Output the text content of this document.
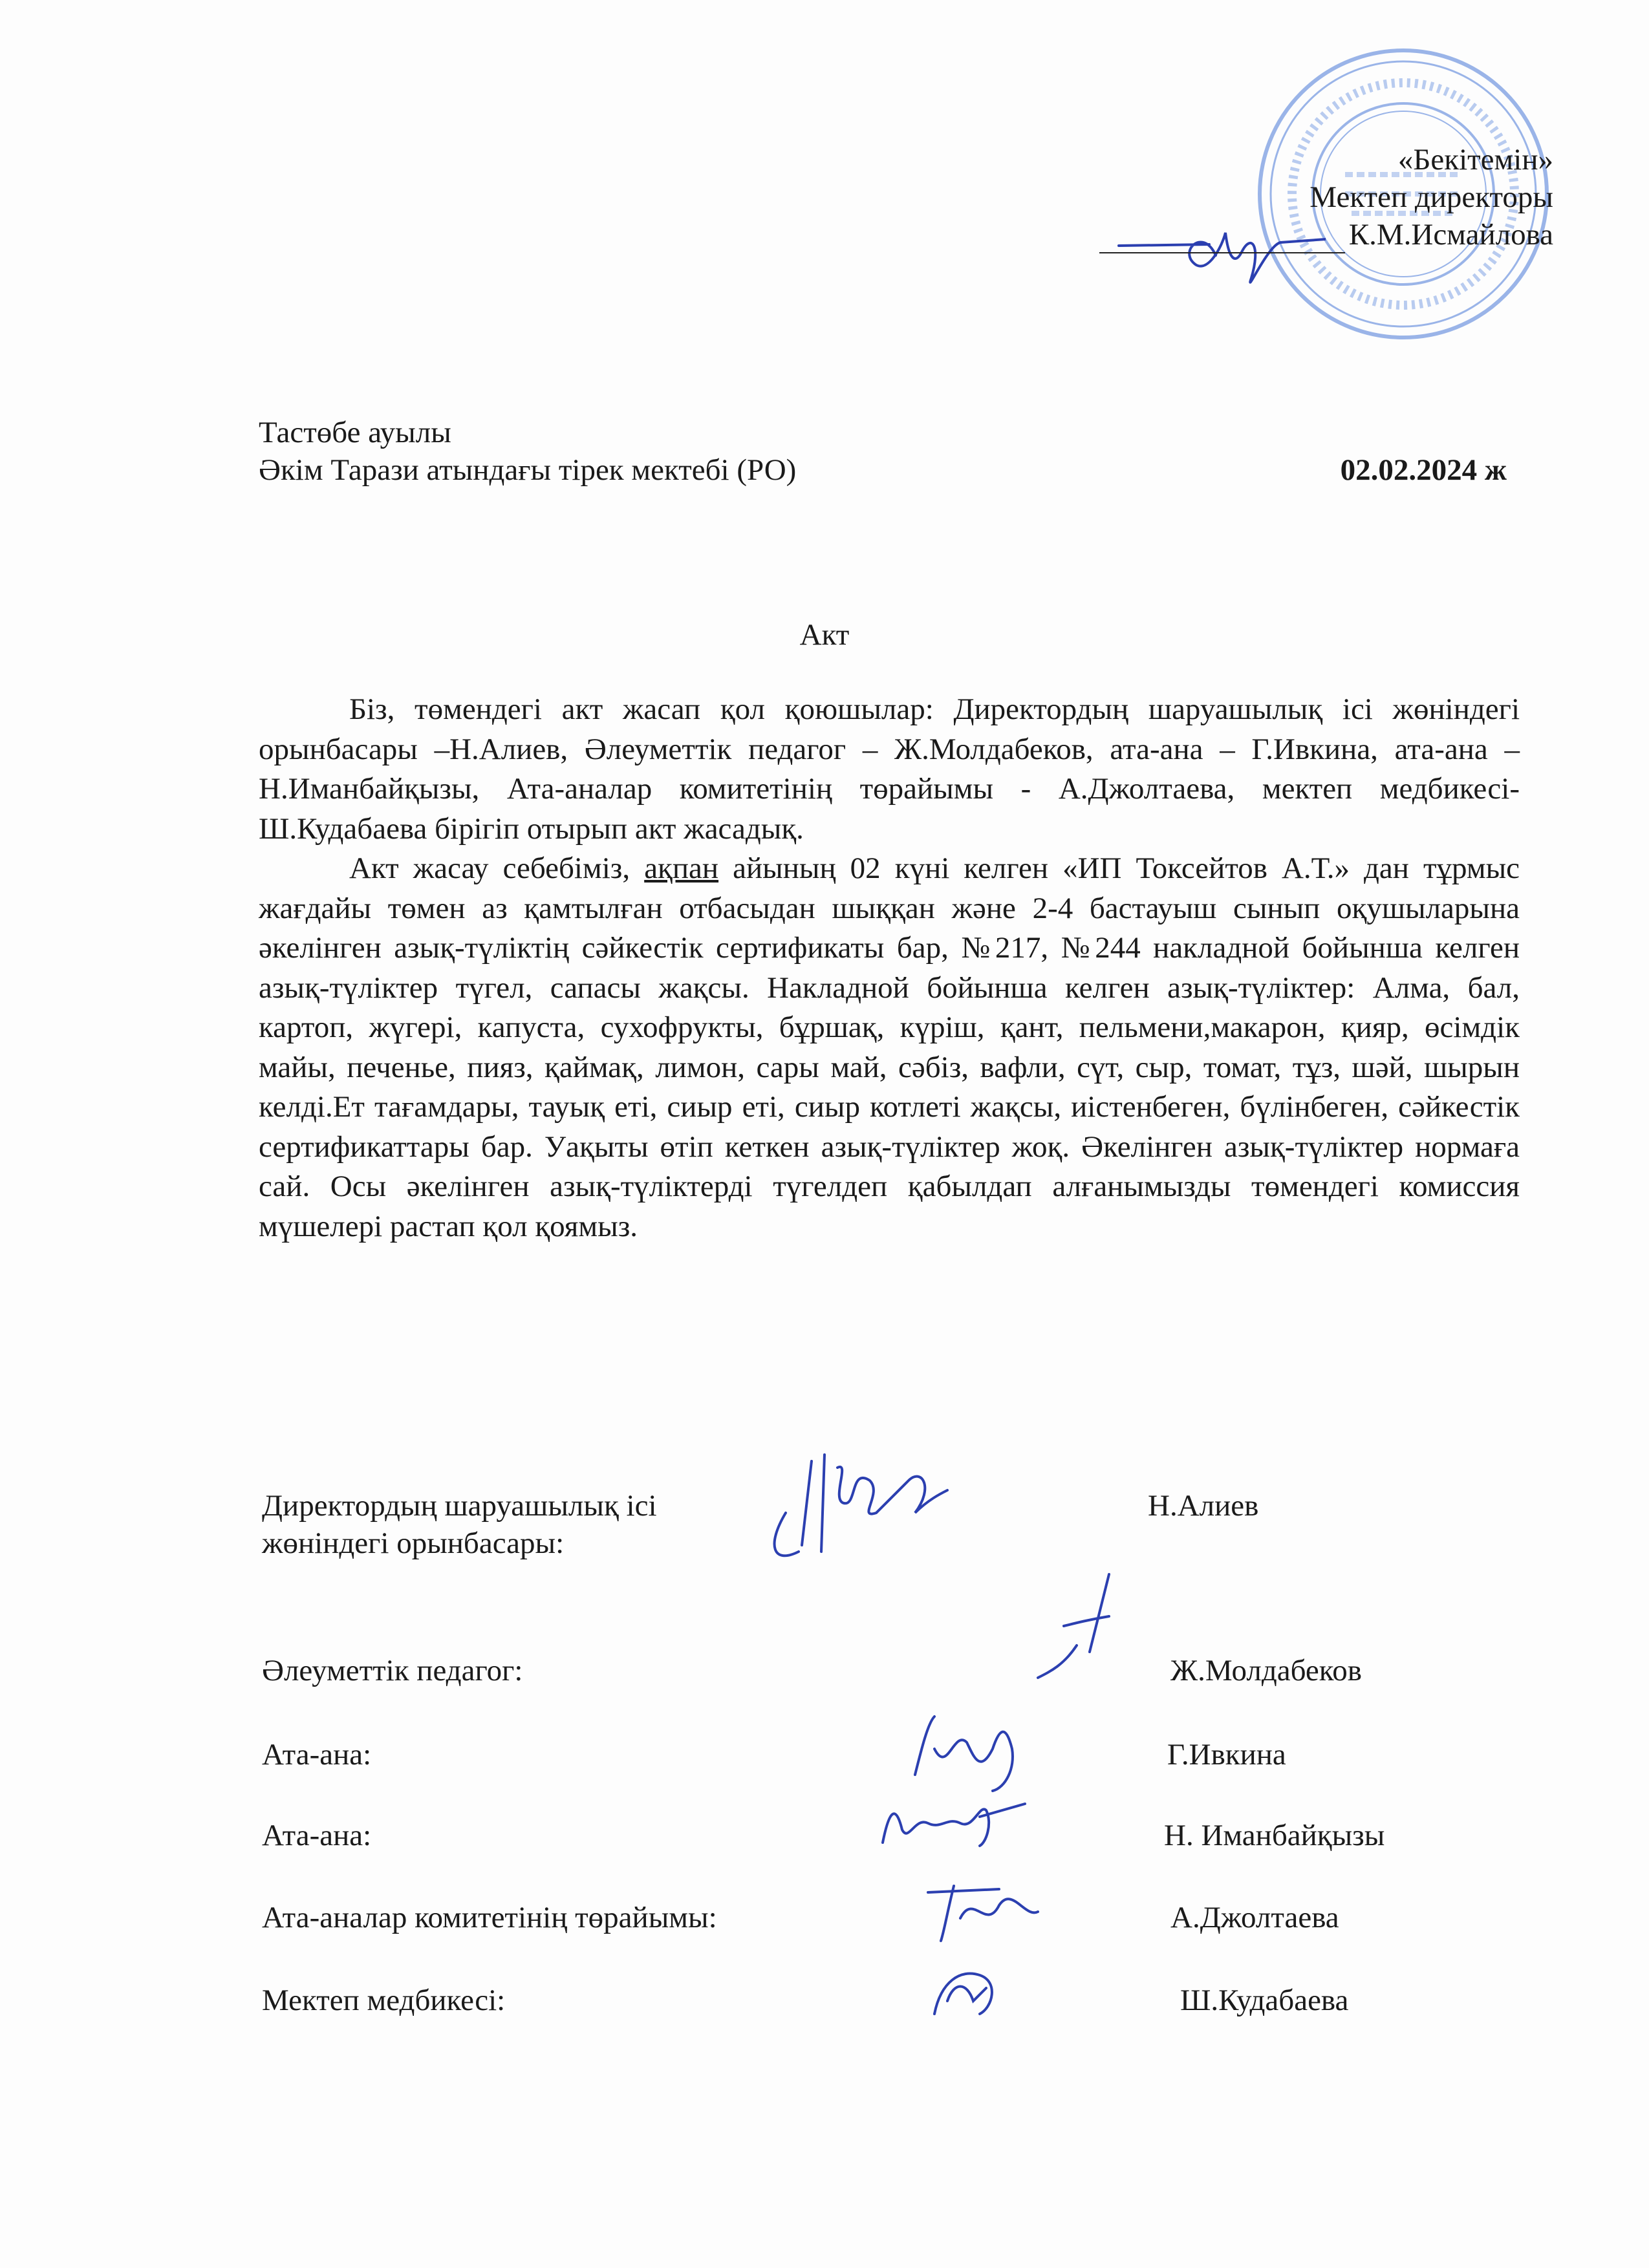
«Бекітемін»
Мектеп директоры
К.М.Исмайлова
Тастөбе ауылы
Әкім Тарази атындағы тірек мектебі (РО)	02.02.2024 ж
Акт

Біз, төмендегі акт жасап қол қоюшылар: Директордың шаруашылық ісі жөніндегі орынбасары –Н.Алиев, Әлеуметтік педагог – Ж.Молдабеков, ата-ана – Г.Ивкина, ата-ана –Н.Иманбайқызы, Ата-аналар комитетінің төрайымы - А.Джолтаева, мектеп медбикесі-Ш.Кудабаева бірігіп отырып акт жасадық.

Акт жасау себебіміз, ақпан айының 02 күні келген «ИП Токсейтов А.Т.» дан тұрмыс жағдайы төмен аз қамтылған отбасыдан шыққан және 2-4 бастауыш сынып оқушыларына әкелінген азық-түліктің сәйкестік сертификаты бар, №217, №244 накладной бойынша келген азық-түліктер түгел, сапасы жақсы. Накладной бойынша келген азық-түліктер: Алма, бал, картоп, жүгері, капуста, сухофрукты, бұршақ, күріш, қант, пельмени,макарон, қияр, өсімдік майы, печенье, пияз, қаймақ, лимон, сары май, сәбіз, вафли, сүт, сыр, томат, тұз, шәй, шырын келді.Ет тағамдары, тауық еті, сиыр еті, сиыр котлеті жақсы, иістенбеген, бүлінбеген, сәйкестік сертификаттары бар. Уақыты өтіп кеткен азық-түліктер жоқ. Әкелінген азық-түліктер нормаға сай. Осы әкелінген азық-түліктерді түгелдеп қабылдап алғанымызды төмендегі комиссия мүшелері растап қол қоямыз.

Директордың шаруашылық ісі
жөніндегі орынбасары:
Н.Алиев
Әлеуметтік педагог:	Ж.Молдабеков
Ата-ана:	Г.Ивкина
Ата-ана:	Н. Иманбайқызы
Ата-аналар комитетінің төрайымы:	А.Джолтаева
Мектеп медбикесі:	Ш.Кудабаева
